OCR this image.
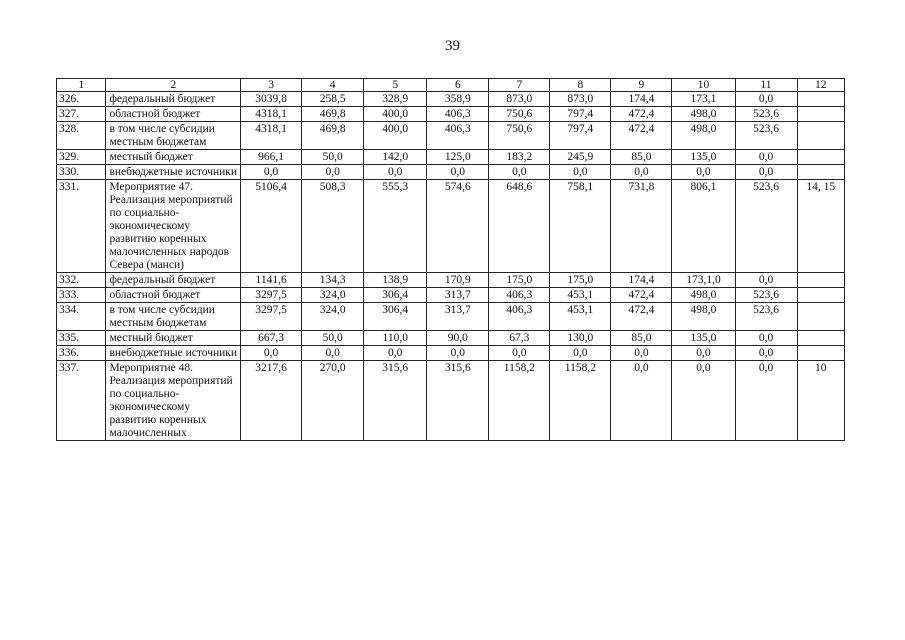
39
1	2	3	4	5	6	7	8	9	10	11	12
326.	федеральный бюджет	3039,8	258,5	328,9	358,9	873,0	873,0	174,4	173,1	0,0	
327.	областной бюджет	4318,1	469,8	400,0	406,3	750,6	797,4	472,4	498,0	523,6	
328.	в том числе субсидии местным бюджетам	4318,1	469,8	400,0	406,3	750,6	797,4	472,4	498,0	523,6	
329.	местный бюджет	966,1	50,0	142,0	125,0	183,2	245,9	85,0	135,0	0,0	
330.	внебюджетные источники	0,0	0,0	0,0	0,0	0,0	0,0	0,0	0,0	0,0	
331.	Мероприятие 47. Реализация мероприятий по социально-экономическому развитию коренных малочисленных народов Севера (манси)	5106,4	508,3	555,3	574,6	648,6	758,1	731,8	806,1	523,6	14, 15
332.	федеральный бюджет	1141,6	134,3	138,9	170,9	175,0	175,0	174,4	173,1,0	0,0	
333.	областной бюджет	3297,5	324,0	306,4	313,7	406,3	453,1	472,4	498,0	523,6	
334.	в том числе субсидии местным бюджетам	3297,5	324,0	306,4	313,7	406,3	453,1	472,4	498,0	523,6	
335.	местный бюджет	667,3	50,0	110,0	90,0	67,3	130,0	85,0	135,0	0,0	
336.	внебюджетные источники	0,0	0,0	0,0	0,0	0,0	0,0	0,0	0,0	0,0	
337.	Мероприятие 48. Реализация мероприятий по социально-экономическому развитию коренных малочисленных	3217,6	270,0	315,6	315,6	1158,2	1158,2	0,0	0,0	0,0	10
